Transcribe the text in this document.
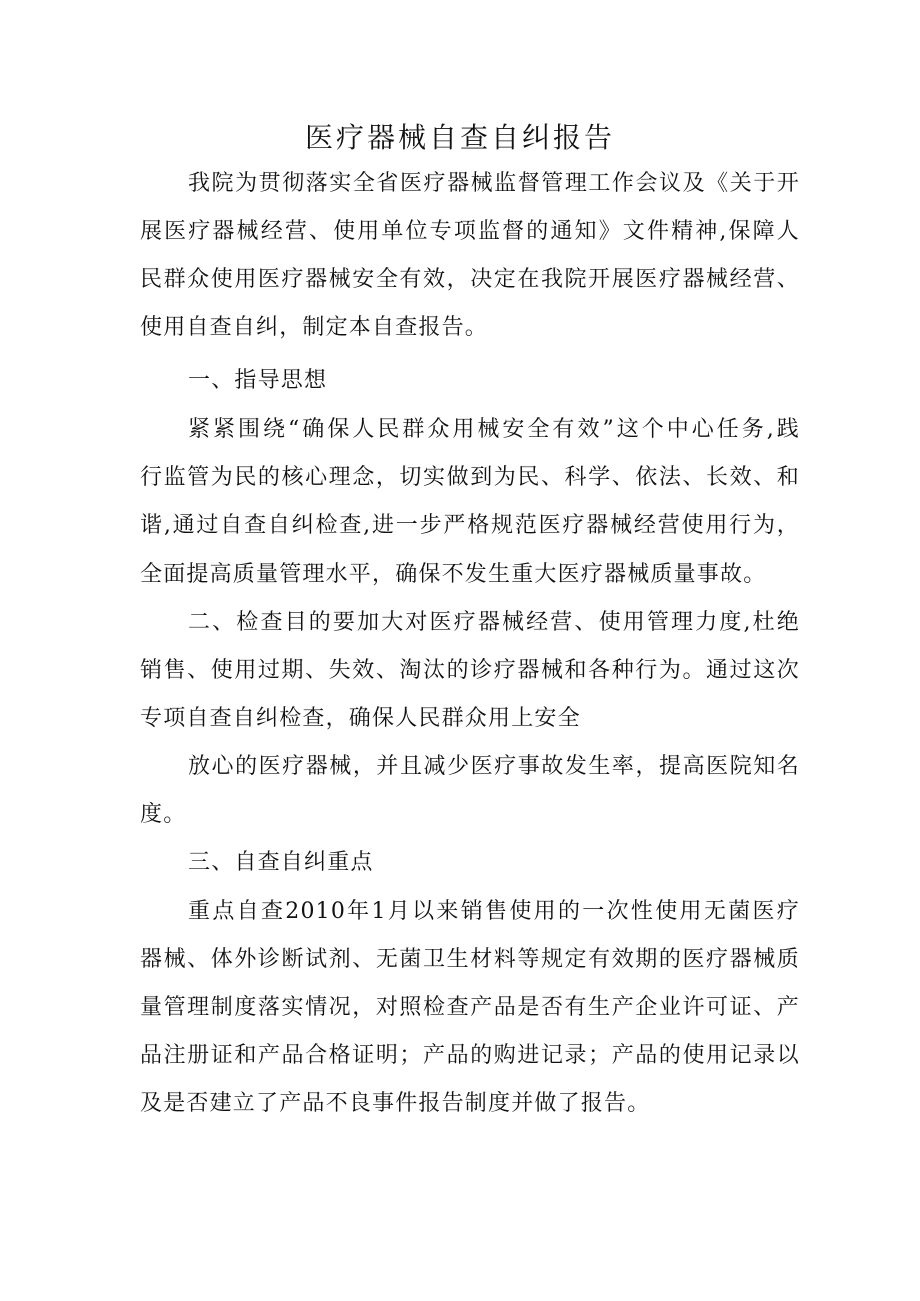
医疗器械自查自纠报告
我院为贯彻落实全省医疗器械监督管理工作会议及《关于开
展医疗器械经营、使用单位专项监督的通知》文件精神,保障人
民群众使用医疗器械安全有效，决定在我院开展医疗器械经营、
使用自查自纠，制定本自查报告。
一、指导思想
紧紧围绕“确保人民群众用械安全有效”这个中心任务,践
行监管为民的核心理念，切实做到为民、科学、依法、长效、和
谐,通过自查自纠检查,进一步严格规范医疗器械经营使用行为，
全面提高质量管理水平，确保不发生重大医疗器械质量事故。
二、检查目的要加大对医疗器械经营、使用管理力度,杜绝
销售、使用过期、失效、淘汰的诊疗器械和各种行为。通过这次
专项自查自纠检查，确保人民群众用上安全
放心的医疗器械，并且减少医疗事故发生率，提高医院知名
度。
三、自查自纠重点
重点自查2010年1月以来销售使用的一次性使用无菌医疗
器械、体外诊断试剂、无菌卫生材料等规定有效期的医疗器械质
量管理制度落实情况，对照检查产品是否有生产企业许可证、产
品注册证和产品合格证明；产品的购进记录；产品的使用记录以
及是否建立了产品不良事件报告制度并做了报告。
